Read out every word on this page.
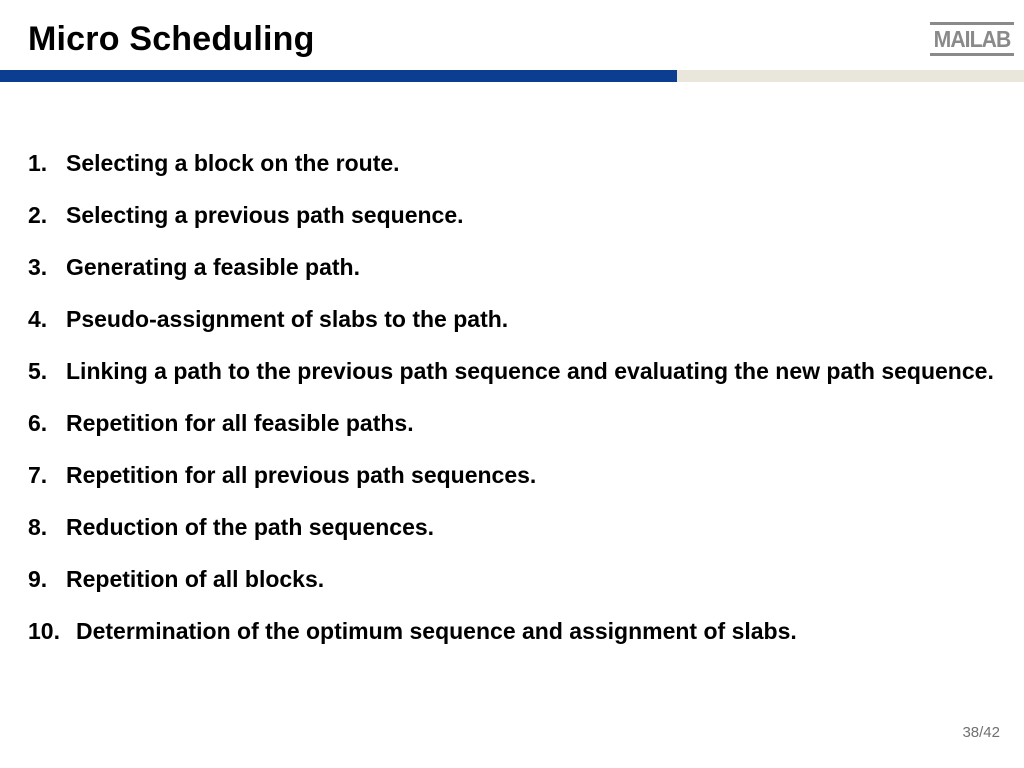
Micro Scheduling	MAILAB
1. Selecting a block on the route.
2. Selecting a previous path sequence.
3. Generating a feasible path.
4. Pseudo-assignment of slabs to the path.
5. Linking a path to the previous path sequence and evaluating the new path sequence.
6. Repetition for all feasible paths.
7. Repetition for all previous path sequences.
8. Reduction of the path sequences.
9. Repetition of all blocks.
10. Determination of the optimum sequence and assignment of slabs.
38/42
